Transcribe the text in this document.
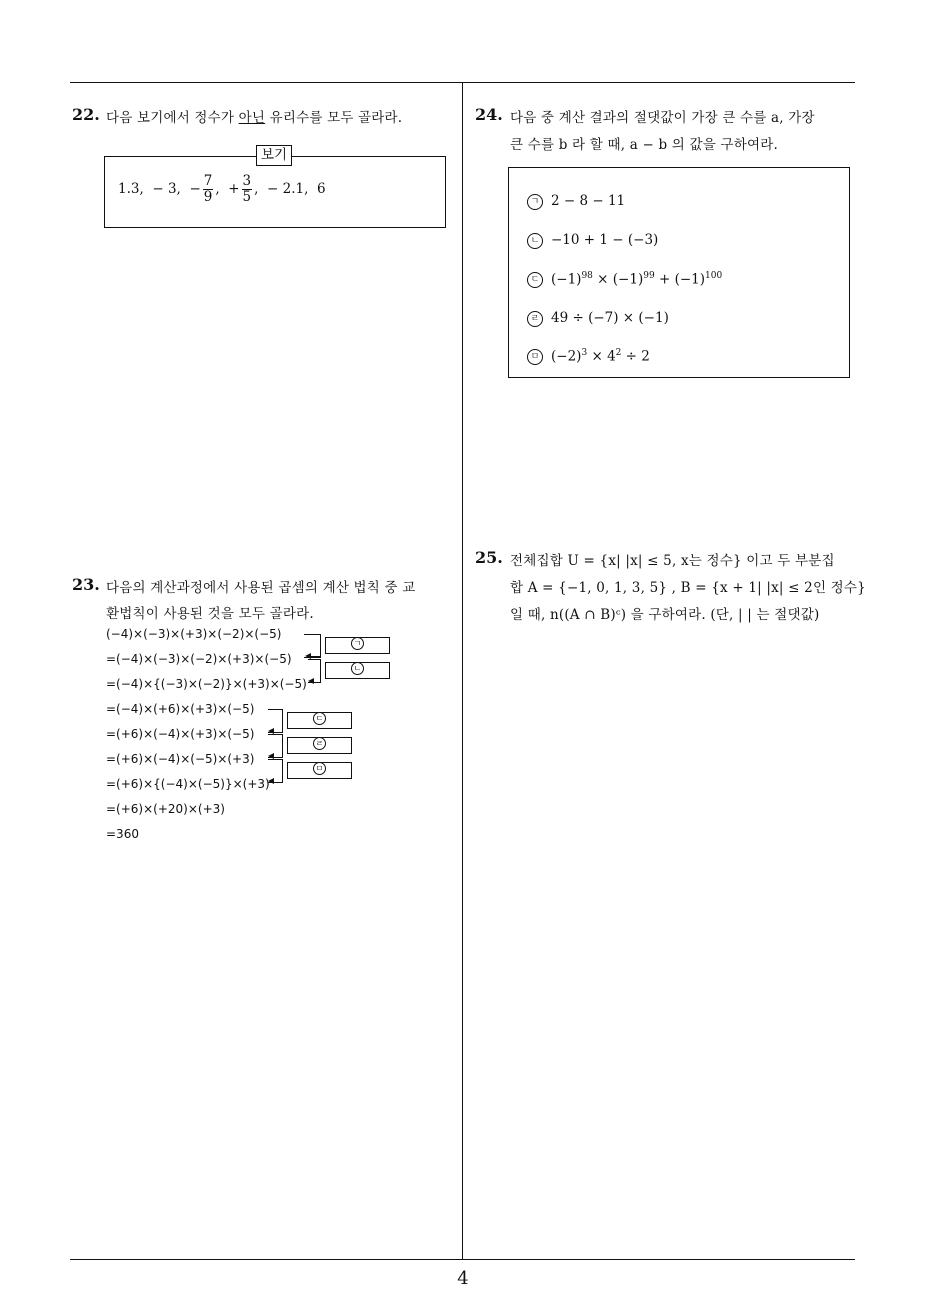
22. 다음 보기에서 정수가 아닌 유리수를 모두 골라라.
보기
1.3, − 3, − $\frac{7}{9}$ , + $\frac{3}{5}$ , − 2.1, 6
23. 다음의 계산과정에서 사용된 곱셈의 계산 법칙 중 교
환법칙이 사용된 것을 모두 골라라.
(−4)×(−3)×(+3)×(−2)×(−5)
=(−4)×(−3)×(−2)×(+3)×(−5)
=(−4)×{(−3)×(−2)}×(+3)×(−5)
=(−4)×(+6)×(+3)×(−5)
=(+6)×(−4)×(+3)×(−5)
=(+6)×(−4)×(−5)×(+3)
=(+6)×{(−4)×(−5)}×(+3)
=(+6)×(+20)×(+3)
=360
ㄱ
ㄴ
ㄷ
ㄹ
ㅁ
24. 다음 중 계산 결과의 절댓값이 가장 큰 수를 a, 가장
큰 수를 b 라 할 때, a − b 의 값을 구하여라.
ㄱ 2 − 8 − 11
ㄴ −10 + 1 − (−3)
ㄷ $(-1)^{98} \times (-1)^{99} + (-1)^{100}$
ㄹ 49 ÷ (−7) × (−1)
ㅁ $(-2)^3 \times 4^2 \div 2$
25. 전체집합 U = {x| |x| ≤ 5, x는 정수} 이고 두 부분집
합 A = {−1, 0, 1, 3, 5} , B = {x + 1| |x| ≤ 2인 정수}
일 때, n((A ∩ B)ᶜ) 을 구하여라. (단, | | 는 절댓값)
4
